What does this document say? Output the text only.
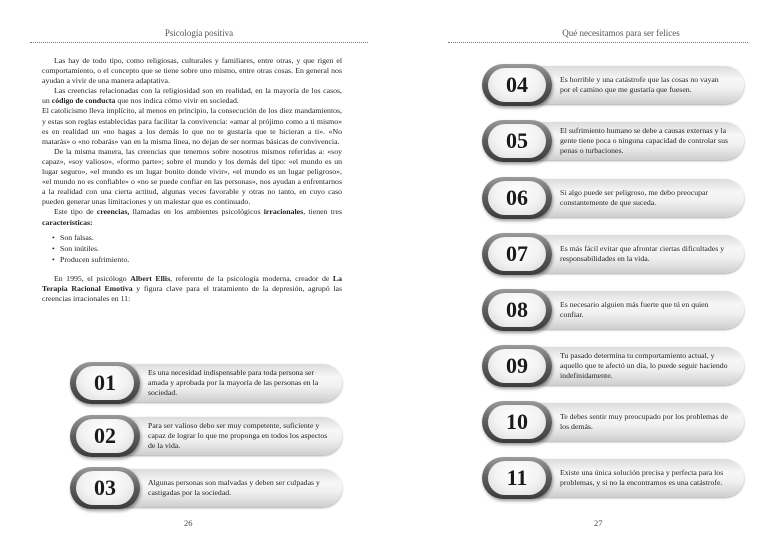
Psicología positiva

Las hay de todo tipo, como religiosas, culturales y familiares, entre otras, y que rigen el comportamiento, o el concepto que se tiene sobre uno mismo, entre otras cosas. En general nos ayudan a vivir de una manera adaptativa.

Las creencias relacionadas con la religiosidad son en realidad, en la mayoría de los casos, un código de conducta que nos indica cómo vivir en sociedad.

El catolicismo lleva implícito, al menos en principio, la consecución de los diez mandamientos, y estas son reglas establecidas para facilitar la convivencia: «amar al prójimo como a ti mismo» es en realidad un «no hagas a los demás lo que no te gustaría que te hicieran a ti». «No matarás» o «no robarás» van en la misma línea, no dejan de ser normas básicas de convivencia.

De la misma manera, las creencias que tenemos sobre nosotros mismos referidas a: «soy capaz», «soy valioso», «formo parte»; sobre el mundo y los demás del tipo: «el mundo es un lugar seguro», «el mundo es un lugar bonito donde vivir», «el mundo es un lugar peligroso», «el mundo no es confiable» o «no se puede confiar en las personas», nos ayudan a enfrentarnos a la realidad con una cierta actitud, algunas veces favorable y otras no tanto, en cuyo caso pueden generar unas limitaciones y un malestar que es continuado.

Este tipo de creencias, llamadas en los ambientes psicológicos irracionales, tienen tres características:

• Son falsas.
• Son inútiles.
• Producen sufrimiento.

En 1995, el psicólogo Albert Ellis, referente de la psicología moderna, creador de La Terapia Racional Emotiva y figura clave para el tratamiento de la depresión, agrupó las creencias irracionales en 11:

01	Es una necesidad indispensable para toda persona ser amada y aprobada por la mayoría de las personas en la sociedad.
02	Para ser valioso debo ser muy competente, suficiente y capaz de lograr lo que me proponga en todos los aspectos de la vida.
03	Algunas personas son malvadas y deben ser culpadas y castigadas por la sociedad.
26
Qué necesitamos para ser felices
04	Es horrible y una catástrofe que las cosas no vayan por el camino que me gustaría que fuesen.
05	El sufrimiento humano se debe a causas externas y la gente tiene poca o ninguna capacidad de controlar sus penas o turbaciones.
06	Si algo puede ser peligroso, me debo preocupar constantemente de que suceda.
07	Es más fácil evitar que afrontar ciertas dificultades y responsabilidades en la vida.
08	Es necesario alguien más fuerte que tú en quien confiar.
09	Tu pasado determina tu comportamiento actual, y aquello que te afectó un día, lo puede seguir haciendo indefinidamente.
10	Te debes sentir muy preocupado por los problemas de los demás.
11	Existe una única solución precisa y perfecta para los problemas, y si no la encontramos es una catástrofe.
27
